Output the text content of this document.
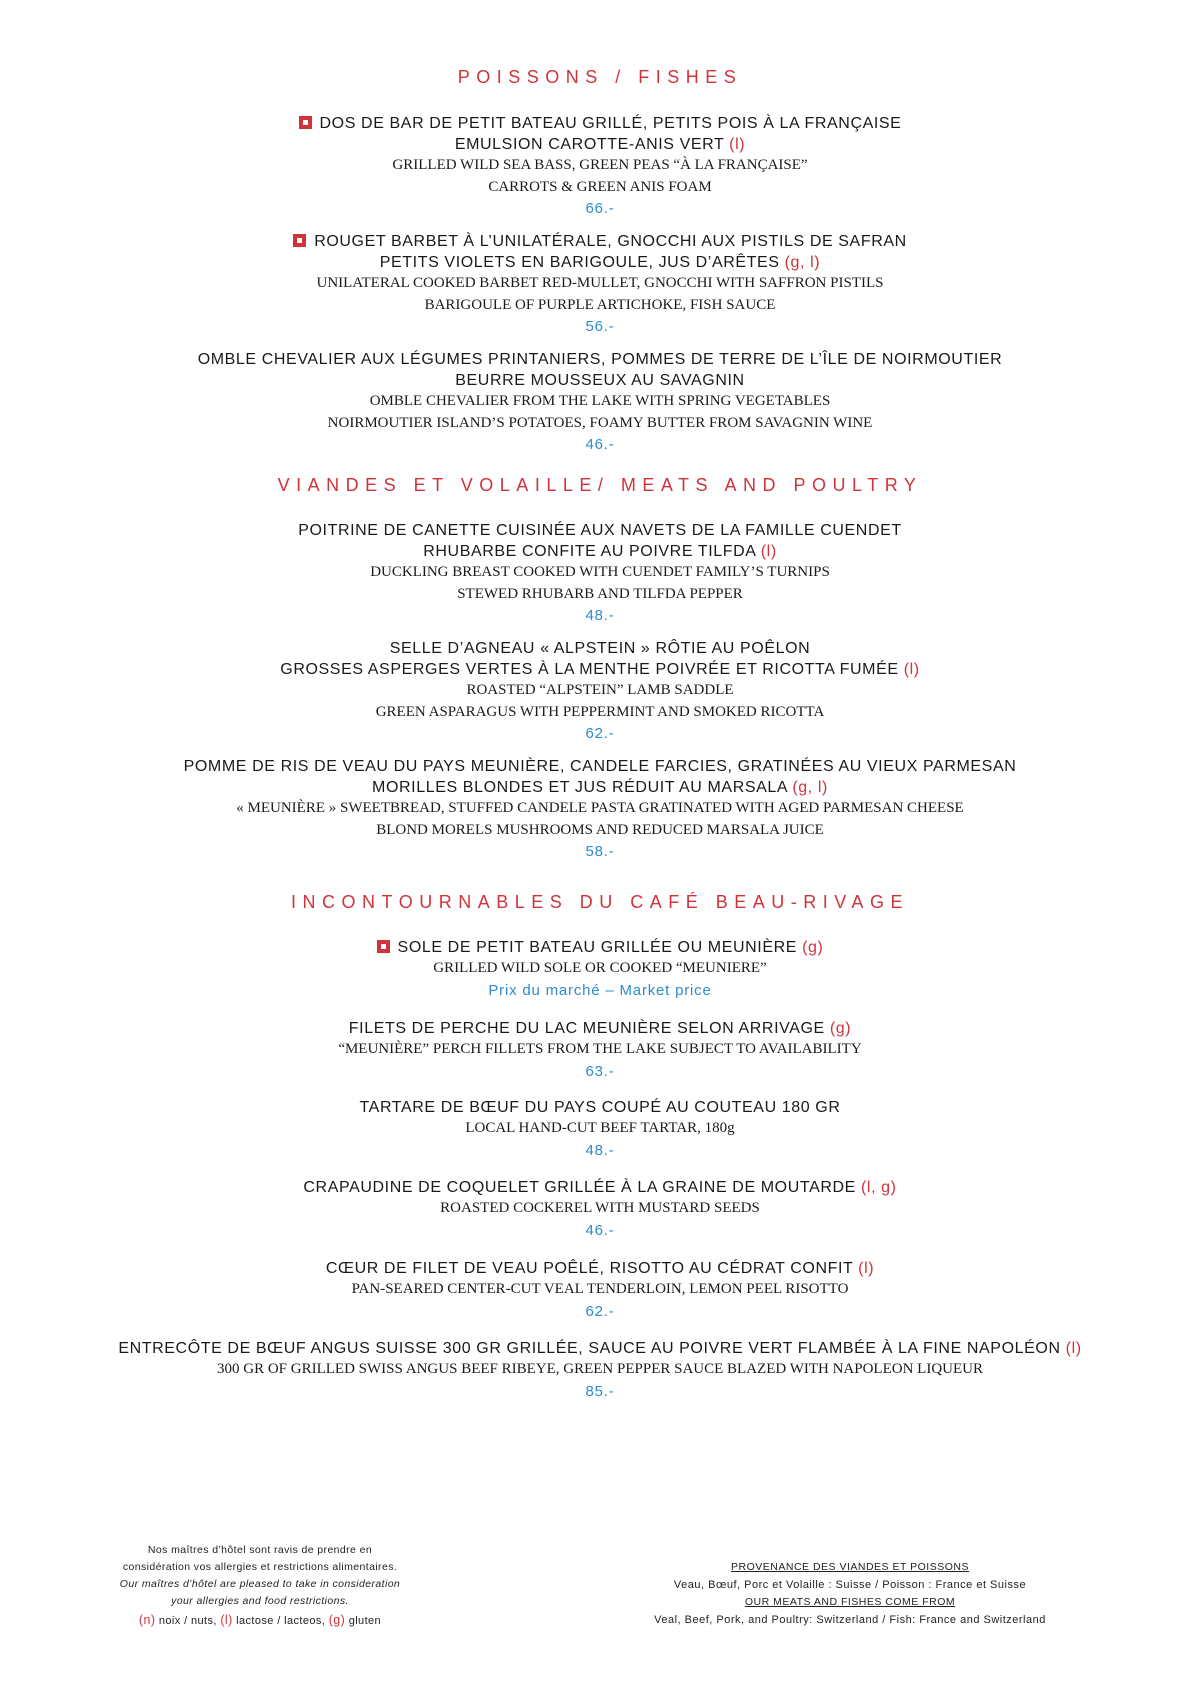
POISSONS / FISHES
DOS DE BAR DE PETIT BATEAU GRILLÉ, PETITS POIS À LA FRANÇAISE
EMULSION CAROTTE-ANIS VERT (l)
GRILLED WILD SEA BASS, GREEN PEAS “À LA FRANÇAISE”
CARROTS & GREEN ANIS FOAM
66.-
ROUGET BARBET À L’UNILATÉRALE, GNOCCHI AUX PISTILS DE SAFRAN
PETITS VIOLETS EN BARIGOULE, JUS D’ARÊTES (g, l)
UNILATERAL COOKED BARBET RED-MULLET, GNOCCHI WITH SAFFRON PISTILS
BARIGOULE OF PURPLE ARTICHOKE, FISH SAUCE
56.-
OMBLE CHEVALIER AUX LÉGUMES PRINTANIERS, POMMES DE TERRE DE L’ÎLE DE NOIRMOUTIER
BEURRE MOUSSEUX AU SAVAGNIN
OMBLE CHEVALIER FROM THE LAKE WITH SPRING VEGETABLES
NOIRMOUTIER ISLAND’S POTATOES, FOAMY BUTTER FROM SAVAGNIN WINE
46.-
VIANDES ET VOLAILLE/ MEATS AND POULTRY
POITRINE DE CANETTE CUISINÉE AUX NAVETS DE LA FAMILLE CUENDET
RHUBARBE CONFITE AU POIVRE TILFDA (l)
DUCKLING BREAST COOKED WITH CUENDET FAMILY’S TURNIPS
STEWED RHUBARB AND TILFDA PEPPER
48.-
SELLE D’AGNEAU « ALPSTEIN » RÔTIE AU POÊLON
GROSSES ASPERGES VERTES À LA MENTHE POIVRÉE ET RICOTTA FUMÉE (l)
ROASTED “ALPSTEIN” LAMB SADDLE
GREEN ASPARAGUS WITH PEPPERMINT AND SMOKED RICOTTA
62.-
POMME DE RIS DE VEAU DU PAYS MEUNIÈRE, CANDELE FARCIES, GRATINÉES AU VIEUX PARMESAN
MORILLES BLONDES ET JUS RÉDUIT AU MARSALA (g, l)
« MEUNIÈRE » SWEETBREAD, STUFFED CANDELE PASTA GRATINATED WITH AGED PARMESAN CHEESE
BLOND MORELS MUSHROOMS AND REDUCED MARSALA JUICE
58.-
INCONTOURNABLES DU CAFÉ BEAU-RIVAGE
SOLE DE PETIT BATEAU GRILLÉE OU MEUNIÈRE (g)
GRILLED WILD SOLE OR COOKED “MEUNIERE”
Prix du marché – Market price
FILETS DE PERCHE DU LAC MEUNIÈRE SELON ARRIVAGE (g)
“MEUNIÈRE” PERCH FILLETS FROM THE LAKE SUBJECT TO AVAILABILITY
63.-
TARTARE DE BŒUF DU PAYS COUPÉ AU COUTEAU 180 GR
LOCAL HAND-CUT BEEF TARTAR, 180g
48.-
CRAPAUDINE DE COQUELET GRILLÉE À LA GRAINE DE MOUTARDE (l, g)
ROASTED COCKEREL WITH MUSTARD SEEDS
46.-
CŒUR DE FILET DE VEAU POÊLÉ, RISOTTO AU CÉDRAT CONFIT (l)
PAN-SEARED CENTER-CUT VEAL TENDERLOIN, LEMON PEEL RISOTTO
62.-
ENTRECÔTE DE BŒUF ANGUS SUISSE 300 GR GRILLÉE, SAUCE AU POIVRE VERT FLAMBÉE À LA FINE NAPOLÉON (l)
300 GR OF GRILLED SWISS ANGUS BEEF RIBEYE, GREEN PEPPER SAUCE BLAZED WITH NAPOLEON LIQUEUR
85.-
Nos maîtres d’hôtel sont ravis de prendre en
considération vos allergies et restrictions alimentaires.
Our maîtres d’hôtel are pleased to take in consideration
your allergies and food restrictions.
(n) noix / nuts, (l) lactose / lacteos, (g) gluten
PROVENANCE DES VIANDES ET POISSONS
Veau, Bœuf, Porc et Volaille : Suisse / Poisson : France et Suisse
OUR MEATS AND FISHES COME FROM
Veal, Beef, Pork, and Poultry: Switzerland / Fish: France and Switzerland
